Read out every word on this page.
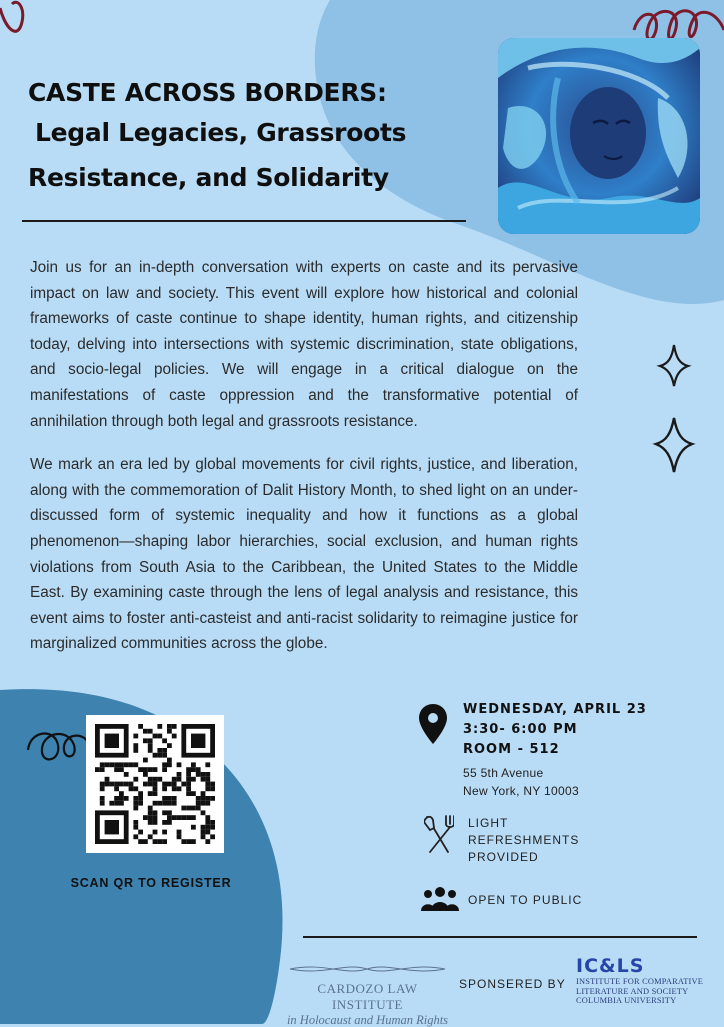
CASTE ACROSS BORDERS:
Legal Legacies, Grassroots
Resistance, and Solidarity

Join us for an in-depth conversation with experts on caste and its pervasive impact on law and society. This event will explore how historical and colonial frameworks of caste continue to shape identity, human rights, and citizenship today, delving into intersections with systemic discrimination, state obligations, and socio-legal policies. We will engage in a critical dialogue on the manifestations of caste oppression and the transformative potential of annihilation through both legal and grassroots resistance.

We mark an era led by global movements for civil rights, justice, and liberation, along with the commemoration of Dalit History Month, to shed light on an under-discussed form of systemic inequality and how it functions as a global phenomenon—shaping labor hierarchies, social exclusion, and human rights violations from South Asia to the Caribbean, the United States to the Middle East. By examining caste through the lens of legal analysis and resistance, this event aims to foster anti-casteist and anti-racist solidarity to reimagine justice for marginalized communities across the globe.

SCAN QR TO REGISTER
WEDNESDAY, APRIL 23
3:30- 6:00 PM
ROOM - 512
55 5th Avenue
New York, NY 10003
LIGHT
REFRESHMENTS
PROVIDED
OPEN TO PUBLIC
CARDOZO LAW INSTITUTE
in Holocaust and Human Rights
SPONSERED BY
IC&LS
INSTITUTE FOR COMPARATIVE
LITERATURE AND SOCIETY
COLUMBIA UNIVERSITY
